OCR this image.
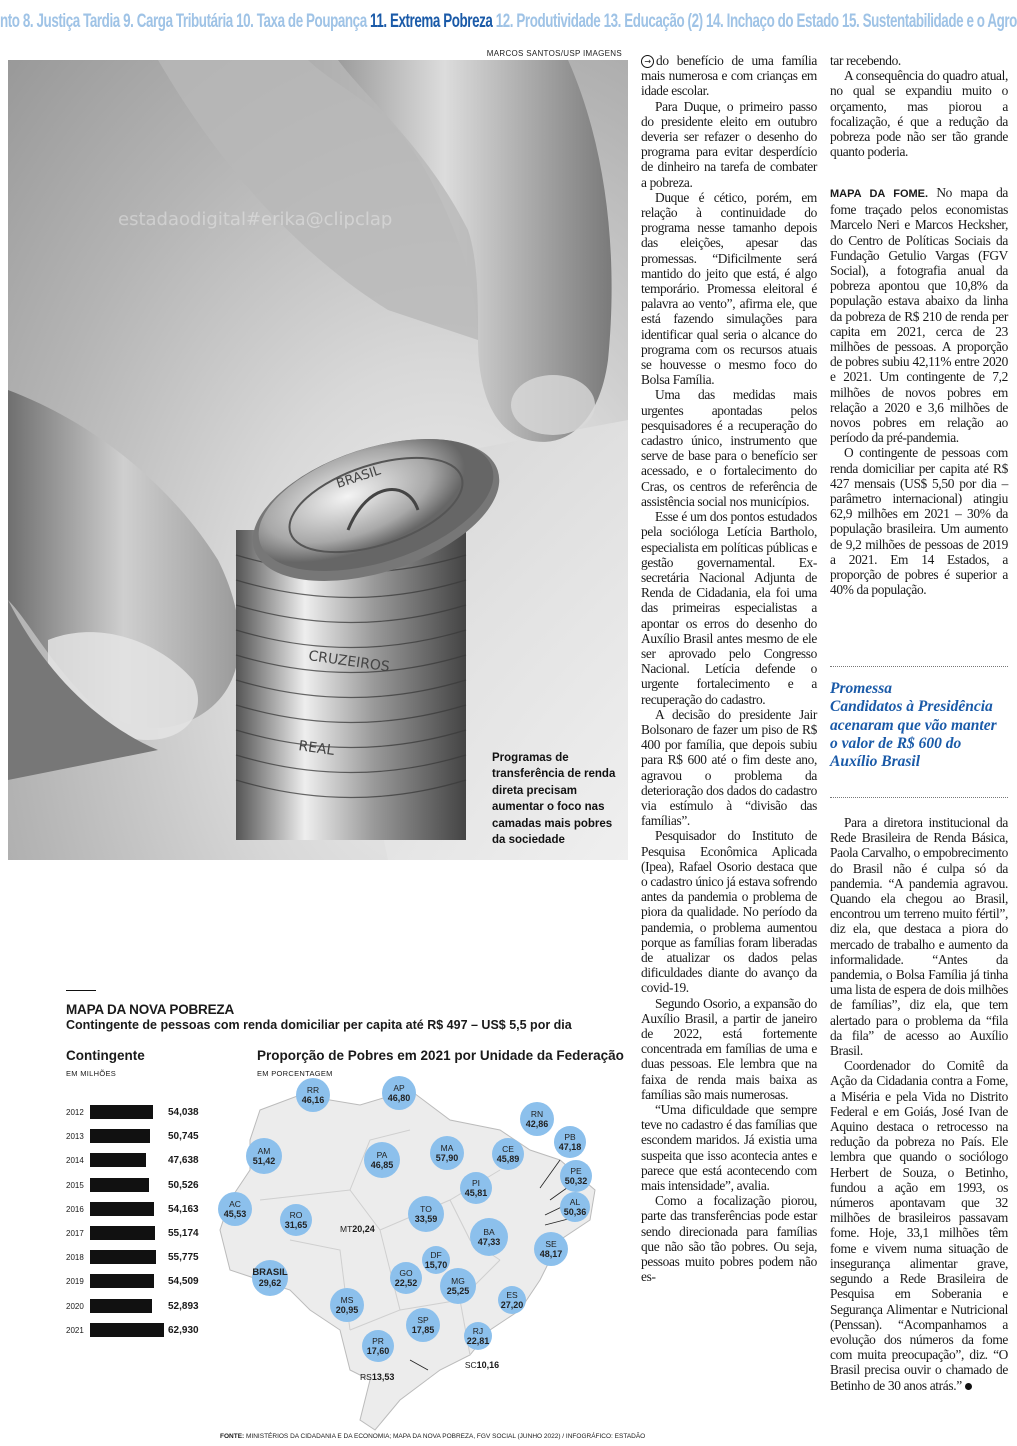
nto 8. Justiça Tardia 9. Carga Tributária 10. Taxa de Poupança 11. Extrema Pobreza 12. Produtividade 13. Educação (2) 14. Inchaço do Estado 15. Sustentabilidade e o Agro
MARCOS SANTOS/USP IMAGENS
BRASIL
CRUZEIROS
REAL
estadaodigital#erika@clipclap
Programas de transferência de renda direta precisam aumentar o foco nas camadas mais pobres da sociedade
MAPA DA NOVA POBREZA
Contingente de pessoas com renda domiciliar per capita até R$ 497 – US$ 5,5 por dia
Contingente
EM MILHÕES
Proporção de Pobres em 2021 por Unidade da Federação
EM PORCENTAGEM
2012	54,038
2013	50,745
2014	47,638
2015	50,526
2016	54,163
2017	55,174
2018	55,775
2019	54,509
2020	52,893
2021	62,930
RR
46,16
AP
46,80
AM
51,42
PA
46,85
MA
57,90
CE
45,89
RN
42,86
PB
47,18
PE
50,32
AL
50,36
PI
45,81
AC
45,53	RO
31,65
TO
33,59
BA
47,33	SE
48,17
MT20,24
DF
15,70
GO
22,52	MG
25,25
MS
20,95
SP
17,85
ES
27,20
RJ
22,81
PR
17,60
SC10,16
RS13,53
BRASIL
29,62
FONTE: MINISTÉRIOS DA CIDADANIA E DA ECONOMIA; MAPA DA NOVA POBREZA, FGV SOCIAL (JUNHO 2022) / INFOGRÁFICO: ESTADÃO

→ do benefício de uma família mais numerosa e com crianças em idade escolar.

Para Duque, o primeiro passo do presidente eleito em outubro deveria ser refazer o desenho do programa para evitar desperdício de dinheiro na tarefa de combater a pobreza.

Duque é cético, porém, em relação à continuidade do programa nesse tamanho depois das eleições, apesar das promessas. “Dificilmente será mantido do jeito que está, é algo temporário. Promessa eleitoral é palavra ao vento”, afirma ele, que está fazendo simulações para identificar qual seria o alcance do programa com os recursos atuais se houvesse o mesmo foco do Bolsa Família.

Uma das medidas mais urgentes apontadas pelos pesquisadores é a recuperação do cadastro único, instrumento que serve de base para o benefício ser acessado, e o fortalecimento do Cras, os centros de referência de assistência social nos municípios.

Esse é um dos pontos estudados pela socióloga Letícia Bartholo, especialista em políticas públicas e gestão governamental. Ex-secretária Nacional Adjunta de Renda de Cidadania, ela foi uma das primeiras especialistas a apontar os erros do desenho do Auxílio Brasil antes mesmo de ele ser aprovado pelo Congresso Nacional. Letícia defende o urgente fortalecimento e a recuperação do cadastro.

A decisão do presidente Jair Bolsonaro de fazer um piso de R$ 400 por família, que depois subiu para R$ 600 até o fim deste ano, agravou o problema da deterioração dos dados do cadastro via estímulo à “divisão das famílias”.

Pesquisador do Instituto de Pesquisa Econômica Aplicada (Ipea), Rafael Osorio destaca que o cadastro único já estava sofrendo antes da pandemia o problema de piora da qualidade. No período da pandemia, o problema aumentou porque as famílias foram liberadas de atualizar os dados pelas dificuldades diante do avanço da covid-19.

Segundo Osorio, a expansão do Auxílio Brasil, a partir de janeiro de 2022, está fortemente concentrada em famílias de uma e duas pessoas. Ele lembra que na faixa de renda mais baixa as famílias são mais numerosas.

“Uma dificuldade que sempre teve no cadastro é das famílias que escondem maridos. Já existia uma suspeita que isso acontecia antes e parece que está acontecendo com mais intensidade”, avalia.

Como a focalização piorou, parte das transferências pode estar sendo direcionada para famílias que não são tão pobres. Ou seja, pessoas muito pobres podem não es-

tar recebendo.

A consequência do quadro atual, no qual se expandiu muito o orçamento, mas piorou a focalização, é que a redução da pobreza pode não ser tão grande quanto poderia.

MAPA DA FOME. No mapa da fome traçado pelos economistas Marcelo Neri e Marcos Hecksher, do Centro de Políticas Sociais da Fundação Getulio Vargas (FGV Social), a fotografia anual da pobreza apontou que 10,8% da população estava abaixo da linha da pobreza de R$ 210 de renda per capita em 2021, cerca de 23 milhões de pessoas. A proporção de pobres subiu 42,11% entre 2020 e 2021. Um contingente de 7,2 milhões de novos pobres em relação a 2020 e 3,6 milhões de novos pobres em relação ao período da pré-pandemia.

O contingente de pessoas com renda domiciliar per capita até R$ 427 mensais (US$ 5,50 por dia – parâmetro internacional) atingiu 62,9 milhões em 2021 – 30% da população brasileira. Um aumento de 9,2 milhões de pessoas de 2019 a 2021. Em 14 Estados, a proporção de pobres é superior a 40% da população.

Promessa
Candidatos à Presidência acenaram que vão manter o valor de R$ 600 do Auxílio Brasil

Para a diretora institucional da Rede Brasileira de Renda Básica, Paola Carvalho, o empobrecimento do Brasil não é culpa só da pandemia. “A pandemia agravou. Quando ela chegou ao Brasil, encontrou um terreno muito fértil”, diz ela, que destaca a piora do mercado de trabalho e aumento da informalidade. “Antes da pandemia, o Bolsa Família já tinha uma lista de espera de dois milhões de famílias”, diz ela, que tem alertado para o problema da “fila da fila” de acesso ao Auxílio Brasil.

Coordenador do Comitê da Ação da Cidadania contra a Fome, a Miséria e pela Vida no Distrito Federal e em Goiás, José Ivan de Aquino destaca o retrocesso na redução da pobreza no País. Ele lembra que quando o sociólogo Herbert de Souza, o Betinho, fundou a ação em 1993, os números apontavam que 32 milhões de brasileiros passavam fome. Hoje, 33,1 milhões têm fome e vivem numa situação de insegurança alimentar grave, segundo a Rede Brasileira de Pesquisa em Soberania e Segurança Alimentar e Nutricional (Penssan). “Acompanhamos a evolução dos números da fome com muita preocupação”, diz. “O Brasil precisa ouvir o chamado de Betinho de 30 anos atrás.”
